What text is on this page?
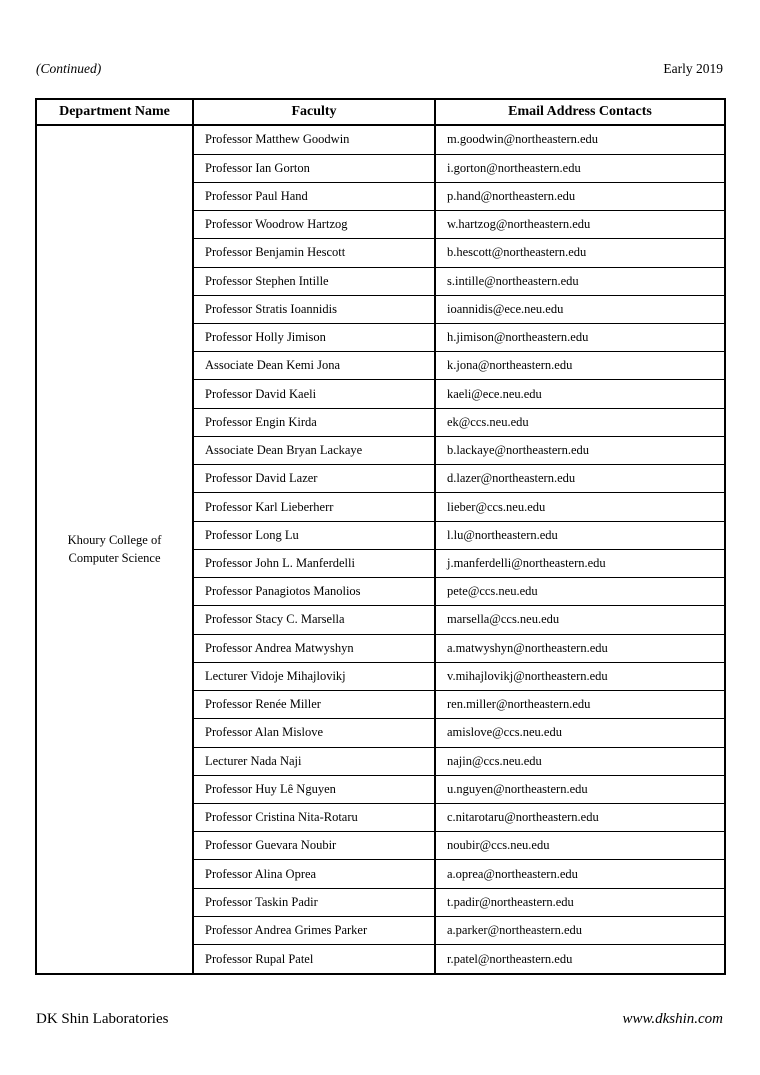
(Continued)	Early 2019
Department Name	Faculty	Email Address Contacts
Khoury College of Computer Science	Professor Matthew Goodwin	m.goodwin@northeastern.edu
	Professor Ian Gorton	i.gorton@northeastern.edu
	Professor Paul Hand	p.hand@northeastern.edu
	Professor Woodrow Hartzog	w.hartzog@northeastern.edu
	Professor Benjamin Hescott	b.hescott@northeastern.edu
	Professor Stephen Intille	s.intille@northeastern.edu
	Professor Stratis Ioannidis	ioannidis@ece.neu.edu
	Professor Holly Jimison	h.jimison@northeastern.edu
	Associate Dean Kemi Jona	k.jona@northeastern.edu
	Professor David Kaeli	kaeli@ece.neu.edu
	Professor Engin Kirda	ek@ccs.neu.edu
	Associate Dean Bryan Lackaye	b.lackaye@northeastern.edu
	Professor David Lazer	d.lazer@northeastern.edu
	Professor Karl Lieberherr	lieber@ccs.neu.edu
	Professor Long Lu	l.lu@northeastern.edu
	Professor John L. Manferdelli	j.manferdelli@northeastern.edu
	Professor Panagiotos Manolios	pete@ccs.neu.edu
	Professor Stacy C. Marsella	marsella@ccs.neu.edu
	Professor Andrea Matwyshyn	a.matwyshyn@northeastern.edu
	Lecturer Vidoje Mihajlovikj	v.mihajlovikj@northeastern.edu
	Professor Renée Miller	ren.miller@northeastern.edu
	Professor Alan Mislove	amislove@ccs.neu.edu
	Lecturer Nada Naji	najin@ccs.neu.edu
	Professor Huy Lê Nguyen	u.nguyen@northeastern.edu
	Professor Cristina Nita-Rotaru	c.nitarotaru@northeastern.edu
	Professor Guevara Noubir	noubir@ccs.neu.edu
	Professor Alina Oprea	a.oprea@northeastern.edu
	Professor Taskin Padir	t.padir@northeastern.edu
	Professor Andrea Grimes Parker	a.parker@northeastern.edu
	Professor Rupal Patel	r.patel@northeastern.edu
DK Shin Laboratories	www.dkshin.com
